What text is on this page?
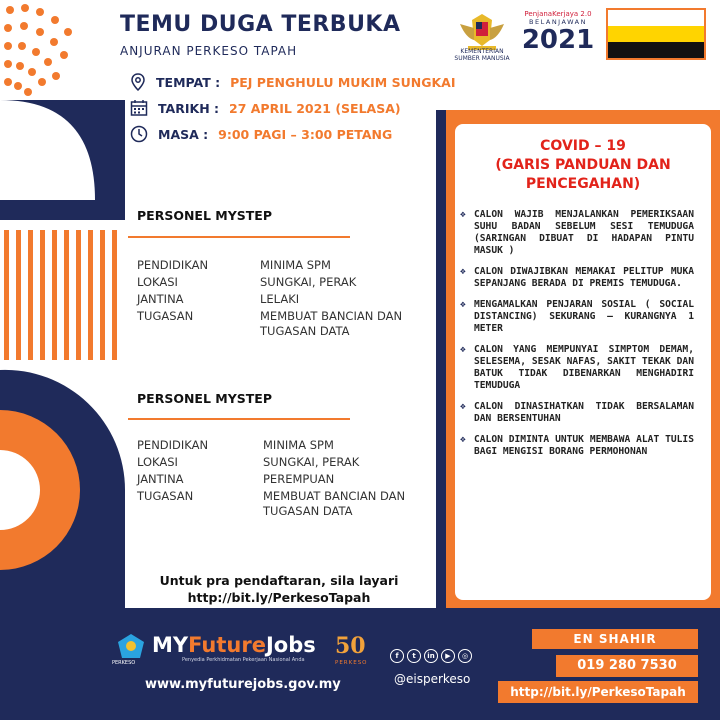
TEMU DUGA TERBUKA
ANJURAN PERKESO TAPAH
TEMPAT : PEJ PENGHULU MUKIM SUNGKAI
TARIKH : 27 APRIL 2021 (SELASA)
MASA : 9:00 PAGI – 3:00 PETANG
KEMENTERIAN SUMBER MANUSIA
PenjanaKerjaya 2.0
BELANJAWAN
2021
PERSONEL MYSTEP
PENDIDIKAN	MINIMA SPM
LOKASI	SUNGKAI, PERAK
JANTINA	LELAKI
TUGASAN	MEMBUAT BANCIAN DAN TUGASAN DATA
PERSONEL MYSTEP
PENDIDIKAN	MINIMA SPM
LOKASI	SUNGKAI, PERAK
JANTINA	PEREMPUAN
TUGASAN	MEMBUAT BANCIAN DAN TUGASAN DATA
Untuk pra pendaftaran, sila layari
http://bit.ly/PerkesoTapah
COVID – 19
(GARIS PANDUAN DAN PENCEGAHAN)
❖ CALON WAJIB MENJALANKAN PEMERIKSAAN SUHU BADAN SEBELUM SESI TEMUDUGA (SARINGAN DIBUAT DI HADAPAN PINTU MASUK )
❖ CALON DIWAJIBKAN MEMAKAI PELITUP MUKA SEPANJANG BERADA DI PREMIS TEMUDUGA.
❖ MENGAMALKAN PENJARAN SOSIAL ( SOCIAL DISTANCING) SEKURANG – KURANGNYA 1 METER
❖ CALON YANG MEMPUNYAI SIMPTOM DEMAM, SELESEMA, SESAK NAFAS, SAKIT TEKAK DAN BATUK TIDAK DIBENARKAN MENGHADIRI TEMUDUGA
❖ CALON DINASIHATKAN TIDAK BERSALAMAN DAN BERSENTUHAN
❖ CALON DIMINTA UNTUK MEMBAWA ALAT TULIS BAGI MENGISI BORANG PERMOHONAN
PERKESO
MYFutureJobs
Penyedia Perkhidmatan Pekerjaan Nasional Anda
50
PERKESO
www.myfuturejobs.gov.my
f	t	in	▶	◎
@eisperkeso
EN SHAHIR
019 280 7530
http://bit.ly/PerkesoTapah
